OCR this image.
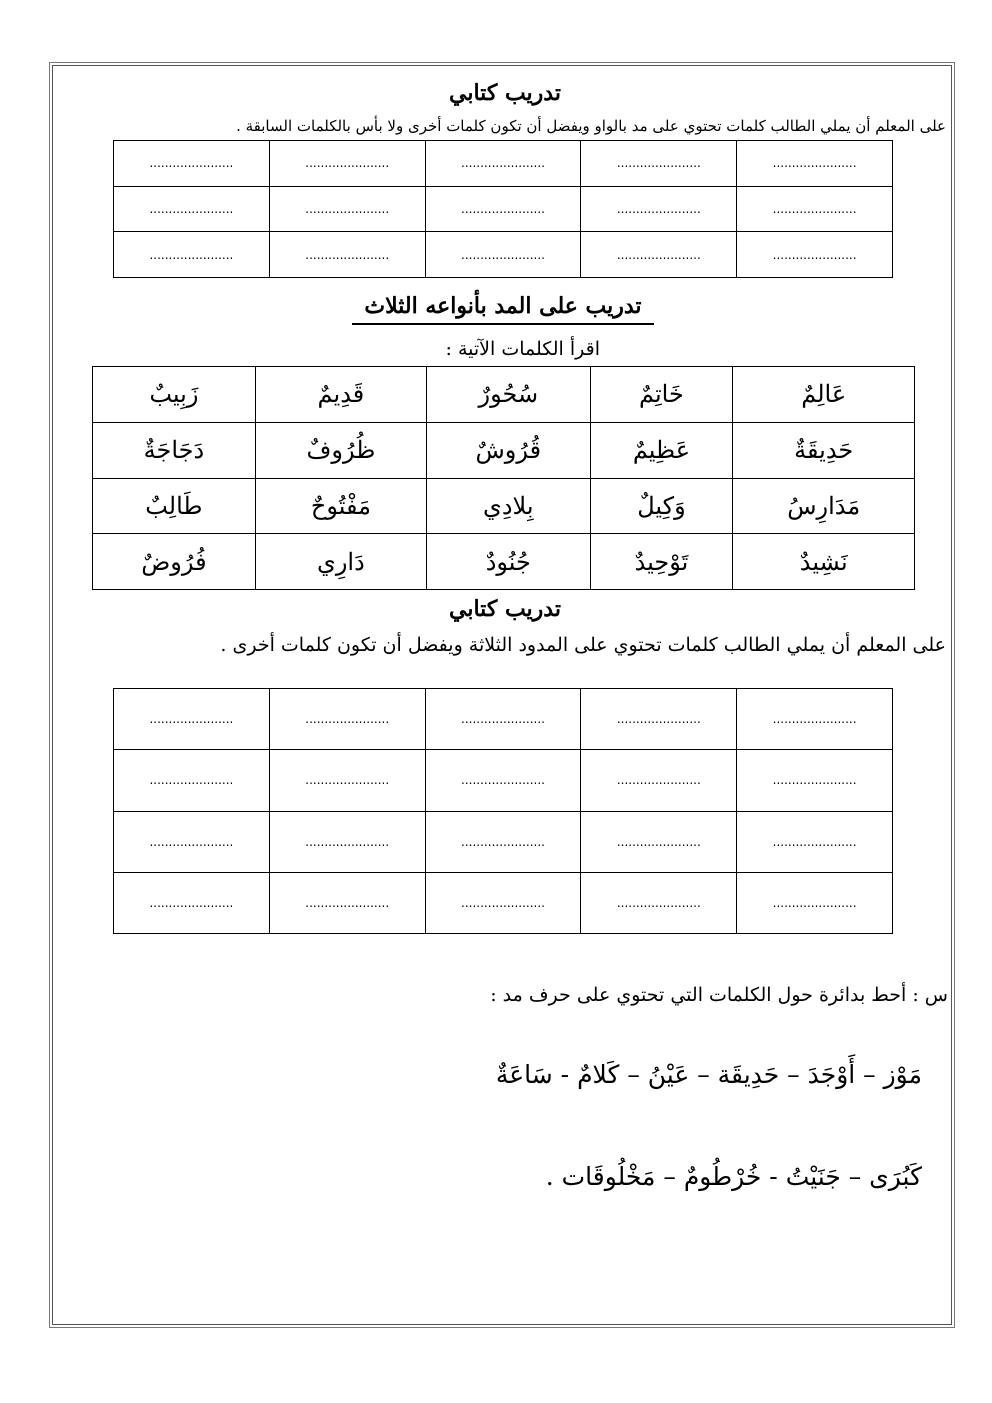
تدريب كتابي
على المعلم أن يملي الطالب كلمات تحتوي على مد بالواو ويفضل أن تكون كلمات أخرى ولا بأس بالكلمات السابقة .
......................	......................	......................	......................	......................
......................	......................	......................	......................	......................
......................	......................	......................	......................	......................
تدريب على المد بأنواعه الثلاث
اقرأ الكلمات الآتية :
عَالِمٌ	خَاتِمٌ	سُحُورٌ	قَدِيمٌ	زَبِيبٌ
حَدِيقَةٌ	عَظِيمٌ	قُرُوشٌ	ظُرُوفٌ	دَجَاجَةٌ
مَدَارِسُ	وَكِيلٌ	بِلادِي	مَفْتُوحٌ	طَالِبٌ
نَشِيدٌ	تَوْحِيدٌ	جُنُودٌ	دَارِي	فُرُوضٌ
تدريب كتابي
على المعلم أن يملي الطالب كلمات تحتوي على المدود الثلاثة ويفضل أن تكون كلمات أخرى .
......................	......................	......................	......................	......................
......................	......................	......................	......................	......................
......................	......................	......................	......................	......................
......................	......................	......................	......................	......................
س : أحط بدائرة حول الكلمات التي تحتوي على حرف مد :
مَوْز – أَوْجَدَ – حَدِيقَة – عَيْنُ – كَلامٌ - سَاعَةٌ
كَبُرَى – جَنَيْتُ - خُرْطُومٌ – مَخْلُوقَات .
